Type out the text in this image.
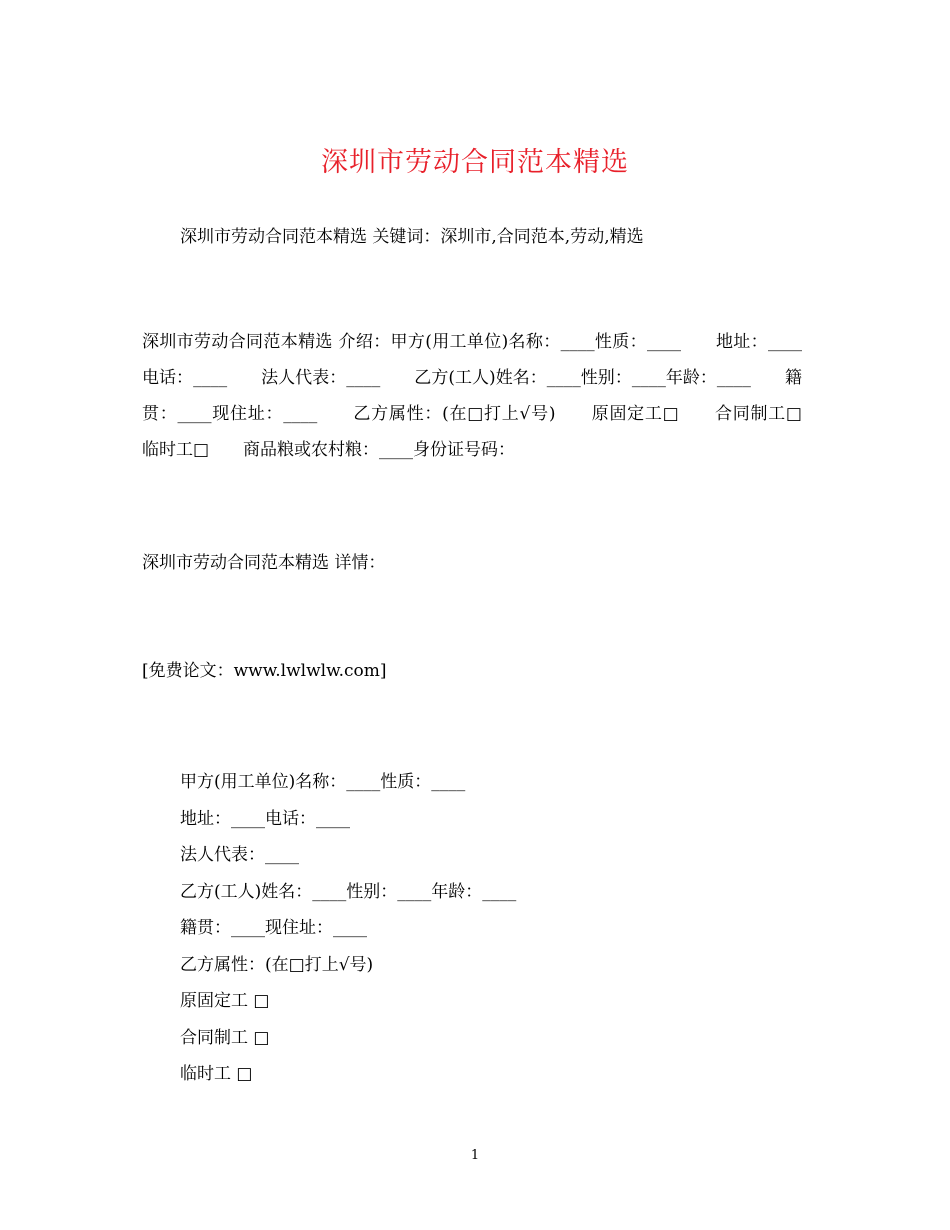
深圳市劳动合同范本精选
深圳市劳动合同范本精选 关键词：深圳市,合同范本,劳动,精选
深圳市劳动合同范本精选 介绍：甲方(用工单位)名称：____性质：____　　地址：____电话：____　　法人代表：____　　乙方(工人)姓名：____性别：____年龄：____　　籍贯：____现住址：____　　乙方属性：(在□打上√号)　　原固定工□　　合同制工□　　临时工□　　商品粮或农村粮：____身份证号码：
深圳市劳动合同范本精选 详情：
[免费论文：www.lwlwlw.com]
甲方(用工单位)名称：____性质：____
地址：____电话：____
法人代表：____
乙方(工人)姓名：____性别：____年龄：____
籍贯：____现住址：____
乙方属性：(在□打上√号)
原固定工 □
合同制工 □
临时工 □
1
